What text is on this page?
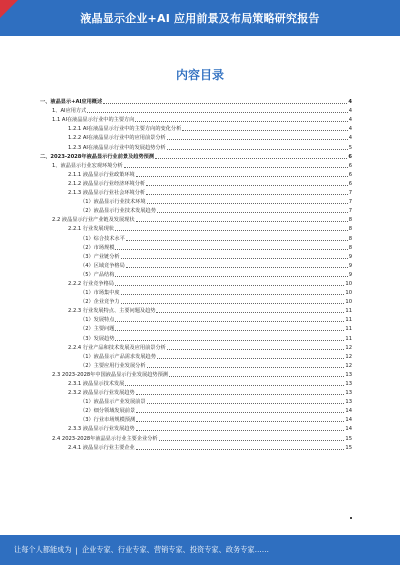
液晶显示企业+AI 应用前景及布局策略研究报告
内容目录
一、液晶显示+AI应用概述	4
1、AI应用方式	4
1.1 AI在液晶显示行业中的主要方向	4
1.2.1 AI在液晶显示行业中的主要方向的变化分析	4
1.2.2 AI在液晶显示行业中的应用前景分析	4
1.2.3 AI在液晶显示行业中的发展趋势分析	5
二、2023-2028年液晶显示行业前景及趋势预测	6
1、液晶显示行业宏观环境分析	6
2.1.1 液晶显示行业政策环境	6
2.1.2 液晶显示行业经济环境分析	6
2.1.3 液晶显示行业社会环境分析	7
（1）液晶显示行业技术环境	7
（2）液晶显示行业技术发展趋势	7
2.2 液晶显示行业产业链及发展现状	8
2.2.1 行业发展现状	8
（1）综合技术水平	8
（2）市场规模	8
（3）产业链分析	9
（4）区域竞争格局	9
（5）产品结构	9
2.2.2 行业竞争格局	10
（1）市场集中度	10
（2）企业竞争力	10
2.2.3 行业发展特点、主要问题及趋势	11
（1）发展特点	11
（2）主要问题	11
（3）发展趋势	11
2.2.4 行业产品和技术发展及应用前景分析	12
（1）液晶显示产品需求发展趋势	12
（2）主要应用行业发展分析	12
2.3 2023-2028年中国液晶显示行业发展趋势预测	13
2.3.1 液晶显示技术发展	13
2.3.2 液晶显示行业发展趋势	13
（1）液晶显示产业发展前景	13
（2）细分领域发展前景	14
（3）行业市场规模预测	14
2.3.3 液晶显示行业发展趋势	14
2.4 2023-2028年液晶显示行业主要企业分析	15
2.4.1 液晶显示行业主要企业	15
让每个人都能成为 | 企业专家 、 行业专家 、 营销专家 、 投资专家 、 政务专家……
